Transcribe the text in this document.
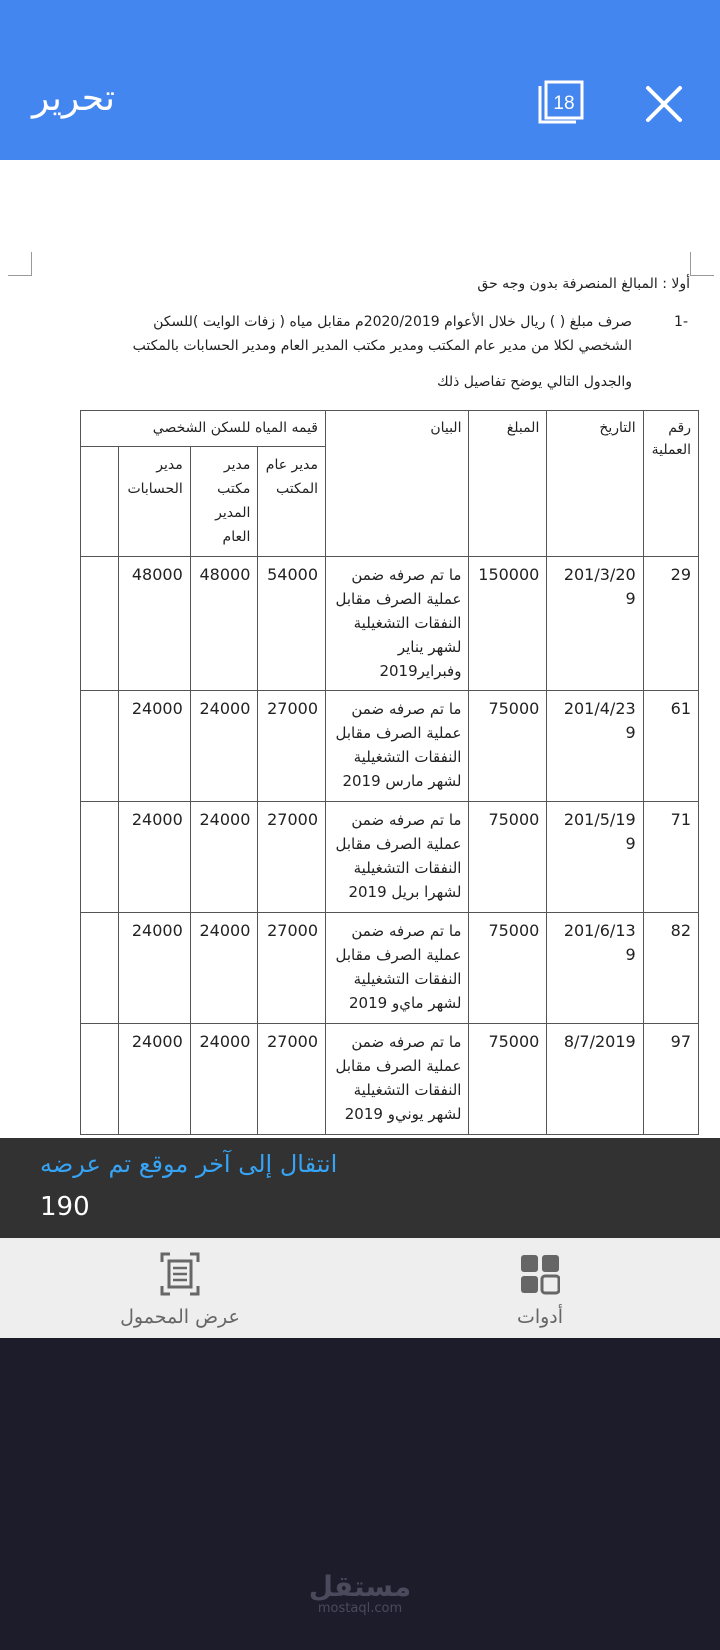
تحرير	18
أولا : المبالغ المنصرفة بدون وجه حق
-1
صرف مبلغ ( ) ريال خلال الأعوام 2020/2019م مقابل مياه ( زفات الوايت )للسكن
الشخصي لكلا من مدير عام المكتب ومدير مكتب المدير العام ومدير الحسابات بالمكتب
والجدول التالي يوضح تفاصيل ذلك
رقم العملية	التاريخ	المبلغ	البيان	قيمه المياه للسكن الشخصي			
				مدير عام المكتب	مدير مكتب المدير العام	مدير الحسابات	
29	201/3/209	150000	ما تم صرفه ضمن عملية الصرف مقابل النفقات التشغيلية لشهر يناير وفبراير2019	54000	48000	48000	
61	201/4/239	75000	ما تم صرفه ضمن عملية الصرف مقابل النفقات التشغيلية لشهر مارس 2019	27000	24000	24000	
71	201/5/199	75000	ما تم صرفه ضمن عملية الصرف مقابل النفقات التشغيلية لشهرا بريل 2019	27000	24000	24000	
82	201/6/139	75000	ما تم صرفه ضمن عملية الصرف مقابل النفقات التشغيلية لشهر ماي‌و 2019	27000	24000	24000	
97	8/7/2019	75000	ما تم صرفه ضمن عملية الصرف مقابل النفقات التشغيلية لشهر يوني‌و 2019	27000	24000	24000	
انتقال إلى آخر موقع تم عرضه
190
عرض المحمول	أدوات
مستقل
mostaql.com
